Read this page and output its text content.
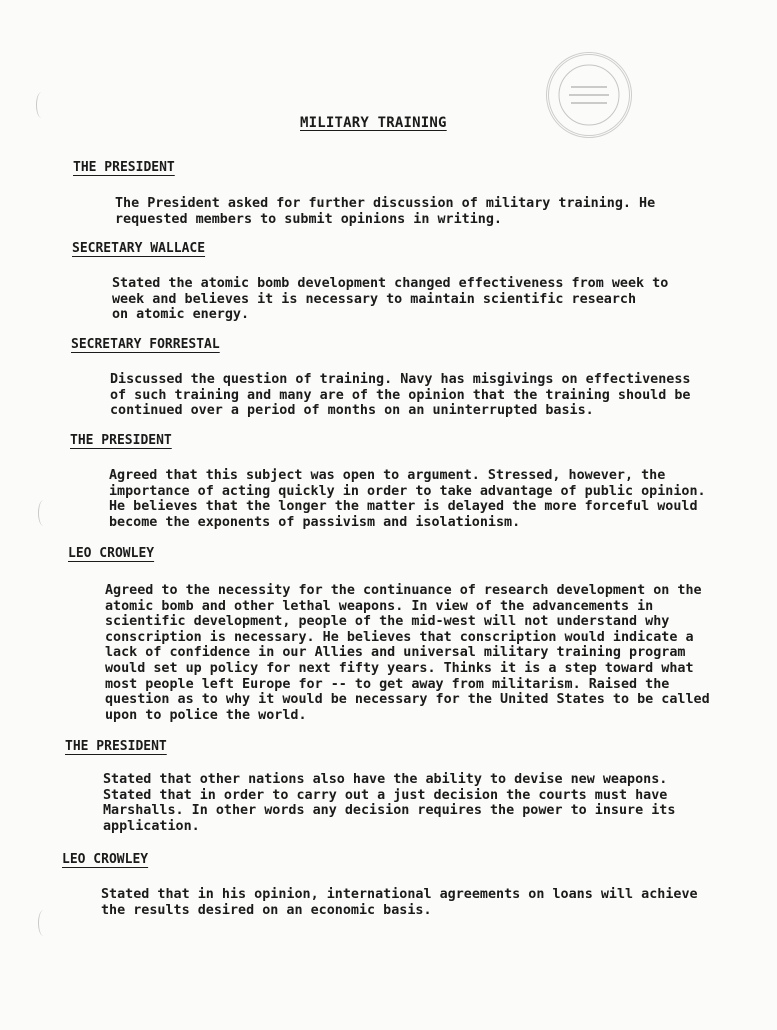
MILITARY TRAINING
THE PRESIDENT
The President asked for further discussion of military training. He
requested members to submit opinions in writing.
SECRETARY WALLACE
Stated the atomic bomb development changed effectiveness from week to
week and believes it is necessary to maintain scientific research
on atomic energy.
SECRETARY FORRESTAL
Discussed the question of training. Navy has misgivings on effectiveness
of such training and many are of the opinion that the training should be
continued over a period of months on an uninterrupted basis.
THE PRESIDENT
Agreed that this subject was open to argument. Stressed, however, the
importance of acting quickly in order to take advantage of public opinion.
He believes that the longer the matter is delayed the more forceful would
become the exponents of passivism and isolationism.
LEO CROWLEY
Agreed to the necessity for the continuance of research development on the
atomic bomb and other lethal weapons. In view of the advancements in
scientific development, people of the mid-west will not understand why
conscription is necessary. He believes that conscription would indicate a
lack of confidence in our Allies and universal military training program
would set up policy for next fifty years. Thinks it is a step toward what
most people left Europe for -- to get away from militarism. Raised the
question as to why it would be necessary for the United States to be called
upon to police the world.
THE PRESIDENT
Stated that other nations also have the ability to devise new weapons.
Stated that in order to carry out a just decision the courts must have
Marshalls. In other words any decision requires the power to insure its
application.
LEO CROWLEY
Stated that in his opinion, international agreements on loans will achieve
the results desired on an economic basis.
